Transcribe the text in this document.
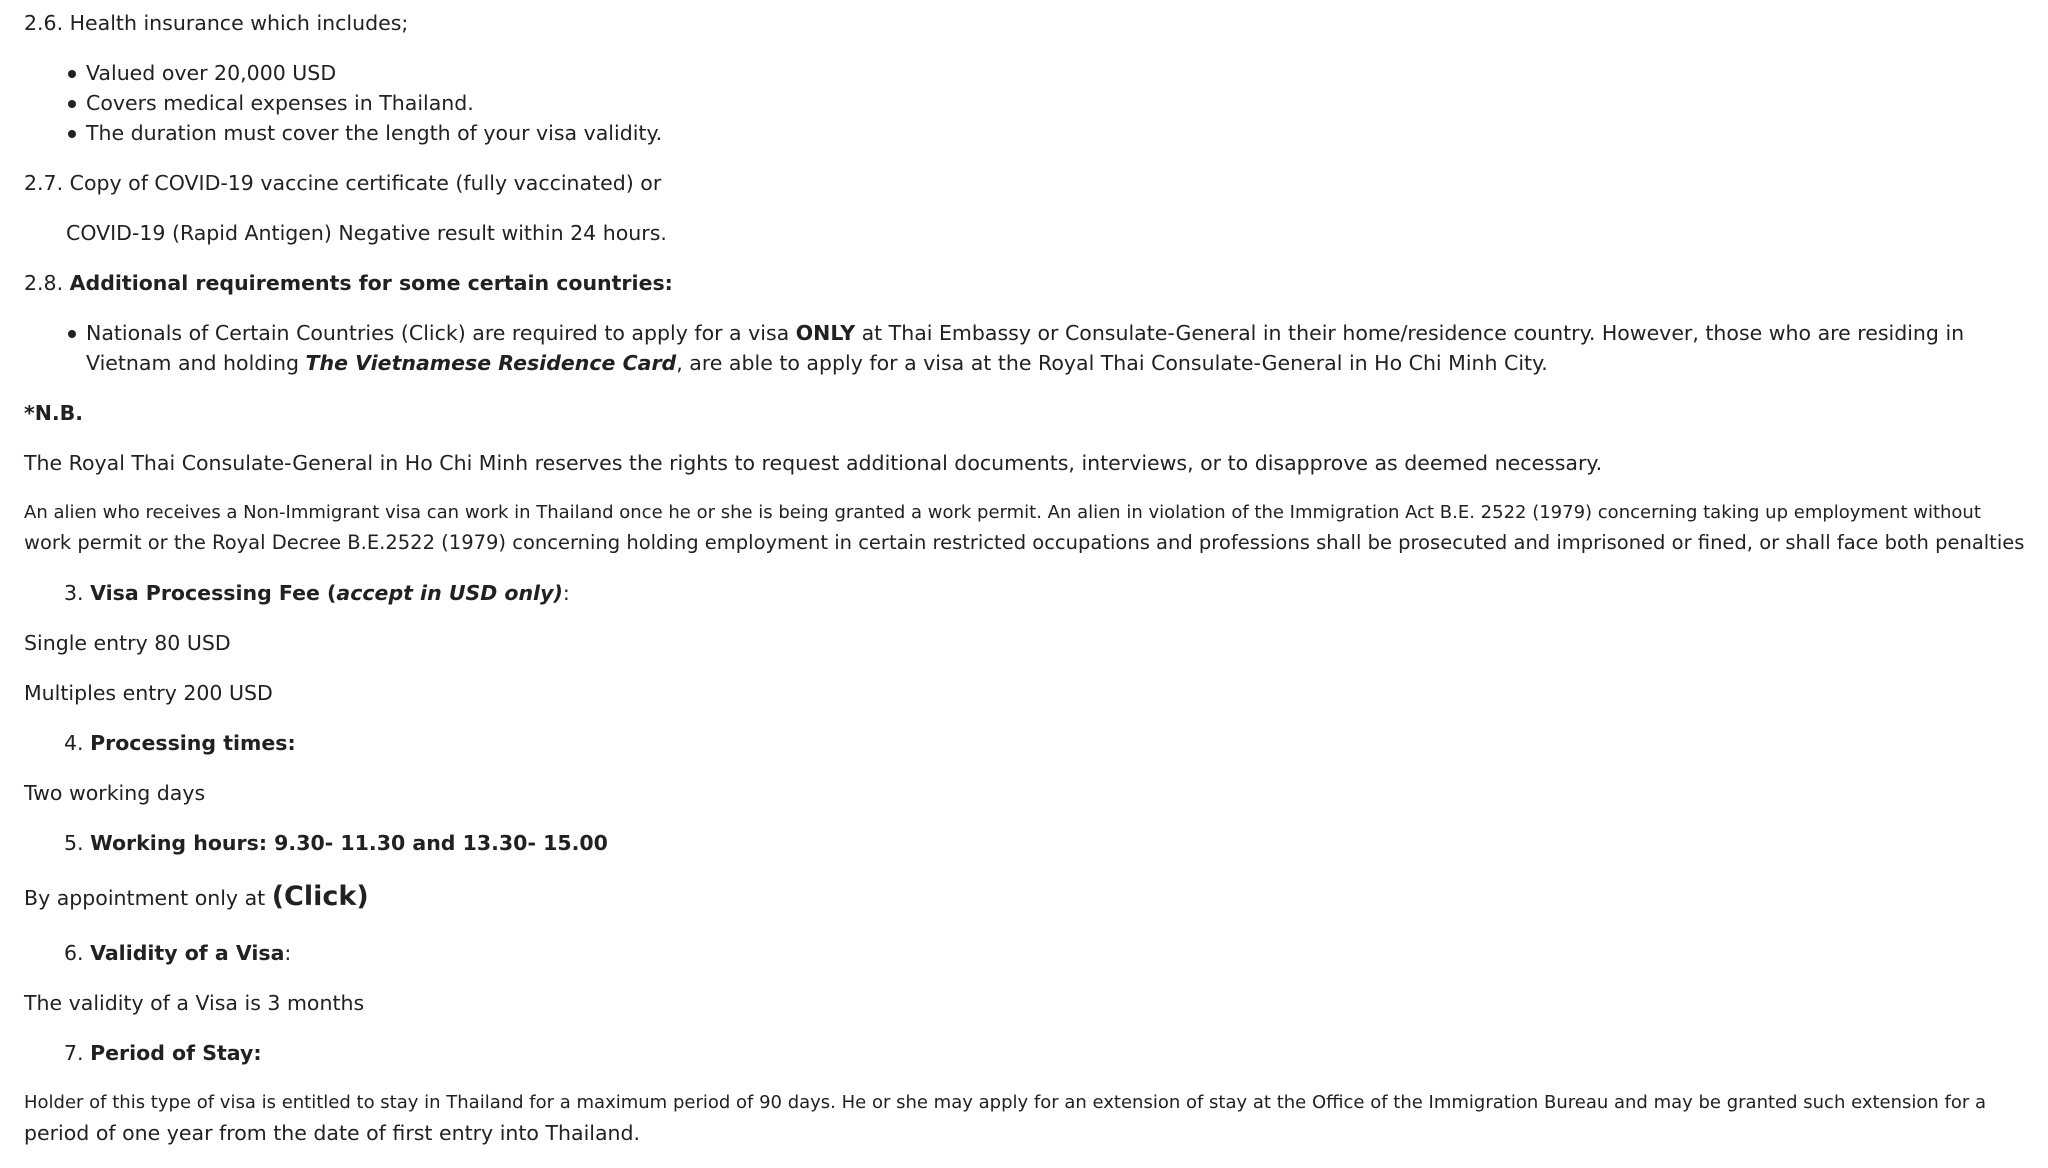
2.6. Health insurance which includes;
Valued over 20,000 USD
Covers medical expenses in Thailand.
The duration must cover the length of your visa validity.
2.7. Copy of COVID-19 vaccine certificate (fully vaccinated) or
COVID-19 (Rapid Antigen) Negative result within 24 hours.
2.8. Additional requirements for some certain countries:
Nationals of Certain Countries (Click) are required to apply for a visa ONLY at Thai Embassy or Consulate-General in their home/residence country. However, those who are residing in Vietnam and holding The Vietnamese Residence Card, are able to apply for a visa at the Royal Thai Consulate-General in Ho Chi Minh City.
*N.B.
The Royal Thai Consulate-General in Ho Chi Minh reserves the rights to request additional documents, interviews, or to disapprove as deemed necessary.
An alien who receives a Non-Immigrant visa can work in Thailand once he or she is being granted a work permit. An alien in violation of the Immigration Act B.E. 2522 (1979) concerning taking up employment without
work permit or the Royal Decree B.E.2522 (1979) concerning holding employment in certain restricted occupations and professions shall be prosecuted and imprisoned or fined, or shall face both penalties
3. Visa Processing Fee (accept in USD only):
Single entry 80 USD
Multiples entry 200 USD
4. Processing times:
Two working days
5. Working hours: 9.30- 11.30 and 13.30- 15.00
By appointment only at (Click)
6. Validity of a Visa:
The validity of a Visa is 3 months
7. Period of Stay:
Holder of this type of visa is entitled to stay in Thailand for a maximum period of 90 days. He or she may apply for an extension of stay at the Office of the Immigration Bureau and may be granted such extension for a
period of one year from the date of first entry into Thailand.
